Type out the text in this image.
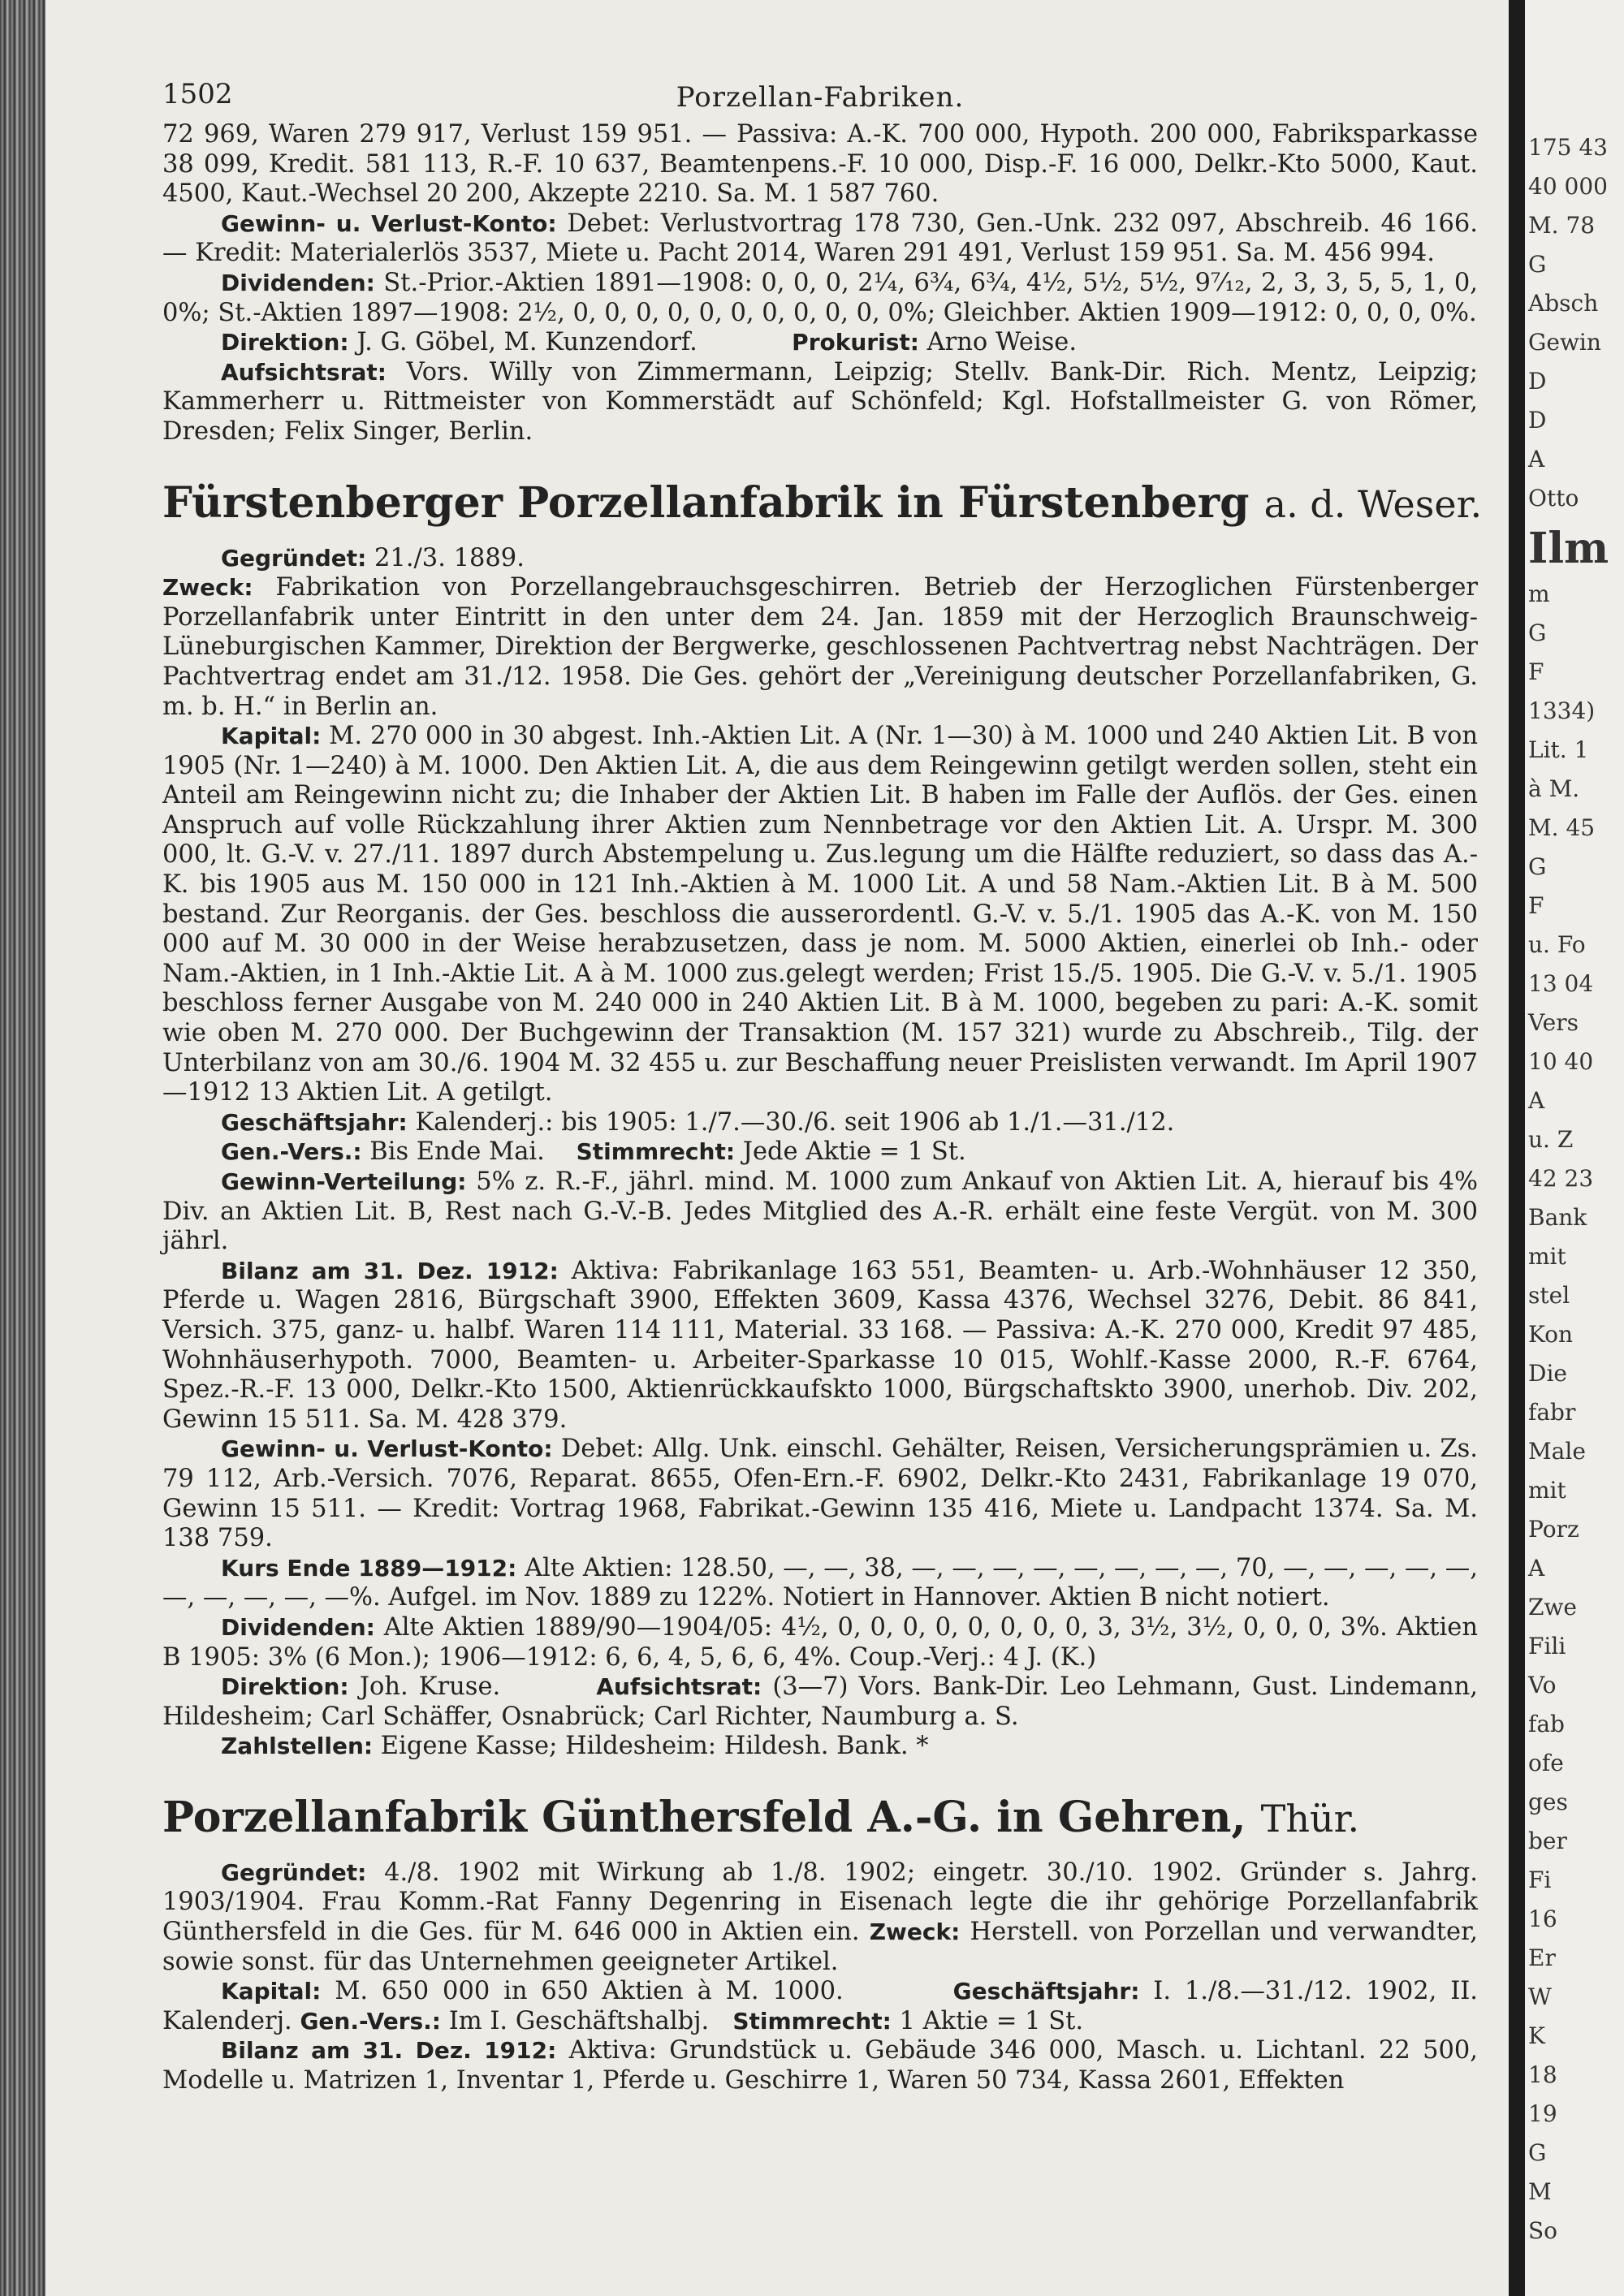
1502	Porzellan-Fabriken.

72 969, Waren 279 917, Verlust 159 951. — Passiva: A.-K. 700 000, Hypoth. 200 000, Fabriksparkasse 38 099, Kredit. 581 113, R.-F. 10 637, Beamtenpens.-F. 10 000, Disp.-F. 16 000, Delkr.-Kto 5000, Kaut. 4500, Kaut.-Wechsel 20 200, Akzepte 2210. Sa. M. 1 587 760.

Gewinn- u. Verlust-Konto: Debet: Verlustvortrag 178 730, Gen.-Unk. 232 097, Abschreib. 46 166. — Kredit: Materialerlös 3537, Miete u. Pacht 2014, Waren 291 491, Verlust 159 951. Sa. M. 456 994.

Dividenden: St.-Prior.-Aktien 1891—1908: 0, 0, 0, 2¼, 6¾, 6¾, 4½, 5½, 5½, 9⁷⁄₁₂, 2, 3, 3, 5, 5, 1, 0, 0%; St.-Aktien 1897—1908: 2½, 0, 0, 0, 0, 0, 0, 0, 0, 0, 0, 0%; Gleichber. Aktien 1909—1912: 0, 0, 0, 0%.

Direktion: J. G. Göbel, M. Kunzendorf.	Prokurist: Arno Weise.

Aufsichtsrat: Vors. Willy von Zimmermann, Leipzig; Stellv. Bank-Dir. Rich. Mentz, Leipzig; Kammerherr u. Rittmeister von Kommerstädt auf Schönfeld; Kgl. Hofstallmeister G. von Römer, Dresden; Felix Singer, Berlin.

Fürstenberger Porzellanfabrik in Fürstenberg a. d. Weser.

Gegründet: 21./3. 1889.

Zweck: Fabrikation von Porzellangebrauchsgeschirren. Betrieb der Herzoglichen Fürstenberger Porzellanfabrik unter Eintritt in den unter dem 24. Jan. 1859 mit der Herzoglich Braunschweig-Lüneburgischen Kammer, Direktion der Bergwerke, geschlossenen Pachtvertrag nebst Nachträgen. Der Pachtvertrag endet am 31./12. 1958. Die Ges. gehört der „Vereinigung deutscher Porzellanfabriken, G. m. b. H.“ in Berlin an.

Kapital: M. 270 000 in 30 abgest. Inh.-Aktien Lit. A (Nr. 1—30) à M. 1000 und 240 Aktien Lit. B von 1905 (Nr. 1—240) à M. 1000. Den Aktien Lit. A, die aus dem Reingewinn getilgt werden sollen, steht ein Anteil am Reingewinn nicht zu; die Inhaber der Aktien Lit. B haben im Falle der Auflös. der Ges. einen Anspruch auf volle Rückzahlung ihrer Aktien zum Nennbetrage vor den Aktien Lit. A. Urspr. M. 300 000, lt. G.-V. v. 27./11. 1897 durch Abstempelung u. Zus.legung um die Hälfte reduziert, so dass das A.-K. bis 1905 aus M. 150 000 in 121 Inh.-Aktien à M. 1000 Lit. A und 58 Nam.-Aktien Lit. B à M. 500 bestand. Zur Reorganis. der Ges. beschloss die ausserordentl. G.-V. v. 5./1. 1905 das A.-K. von M. 150 000 auf M. 30 000 in der Weise herabzusetzen, dass je nom. M. 5000 Aktien, einerlei ob Inh.- oder Nam.-Aktien, in 1 Inh.-Aktie Lit. A à M. 1000 zus.gelegt werden; Frist 15./5. 1905. Die G.-V. v. 5./1. 1905 beschloss ferner Ausgabe von M. 240 000 in 240 Aktien Lit. B à M. 1000, begeben zu pari: A.-K. somit wie oben M. 270 000. Der Buchgewinn der Transaktion (M. 157 321) wurde zu Abschreib., Tilg. der Unterbilanz von am 30./6. 1904 M. 32 455 u. zur Beschaffung neuer Preislisten verwandt. Im April 1907—1912 13 Aktien Lit. A getilgt.

Geschäftsjahr: Kalenderj.: bis 1905: 1./7.—30./6. seit 1906 ab 1./1.—31./12.

Gen.-Vers.: Bis Ende Mai. Stimmrecht: Jede Aktie = 1 St.

Gewinn-Verteilung: 5% z. R.-F., jährl. mind. M. 1000 zum Ankauf von Aktien Lit. A, hierauf bis 4% Div. an Aktien Lit. B, Rest nach G.-V.-B. Jedes Mitglied des A.-R. erhält eine feste Vergüt. von M. 300 jährl.

Bilanz am 31. Dez. 1912: Aktiva: Fabrikanlage 163 551, Beamten- u. Arb.-Wohnhäuser 12 350, Pferde u. Wagen 2816, Bürgschaft 3900, Effekten 3609, Kassa 4376, Wechsel 3276, Debit. 86 841, Versich. 375, ganz- u. halbf. Waren 114 111, Material. 33 168. — Passiva: A.-K. 270 000, Kredit 97 485, Wohnhäuserhypoth. 7000, Beamten- u. Arbeiter-Sparkasse 10 015, Wohlf.-Kasse 2000, R.-F. 6764, Spez.-R.-F. 13 000, Delkr.-Kto 1500, Aktienrückkaufskto 1000, Bürgschaftskto 3900, unerhob. Div. 202, Gewinn 15 511. Sa. M. 428 379.

Gewinn- u. Verlust-Konto: Debet: Allg. Unk. einschl. Gehälter, Reisen, Versicherungsprämien u. Zs. 79 112, Arb.-Versich. 7076, Reparat. 8655, Ofen-Ern.-F. 6902, Delkr.-Kto 2431, Fabrikanlage 19 070, Gewinn 15 511. — Kredit: Vortrag 1968, Fabrikat.-Gewinn 135 416, Miete u. Landpacht 1374. Sa. M. 138 759.

Kurs Ende 1889—1912: Alte Aktien: 128.50, —, —, 38, —, —, —, —, —, —, —, —, 70, —, —, —, —, —, —, —, —, —, —%. Aufgel. im Nov. 1889 zu 122%. Notiert in Hannover. Aktien B nicht notiert.

Dividenden: Alte Aktien 1889/90—1904/05: 4½, 0, 0, 0, 0, 0, 0, 0, 0, 3, 3½, 3½, 0, 0, 0, 3%. Aktien B 1905: 3% (6 Mon.); 1906—1912: 6, 6, 4, 5, 6, 6, 4%. Coup.-Verj.: 4 J. (K.)

Direktion: Joh. Kruse.	Aufsichtsrat: (3—7) Vors. Bank-Dir. Leo Lehmann, Gust. Lindemann, Hildesheim; Carl Schäffer, Osnabrück; Carl Richter, Naumburg a. S.

Zahlstellen: Eigene Kasse; Hildesheim: Hildesh. Bank. *

Porzellanfabrik Günthersfeld A.-G. in Gehren, Thür.

Gegründet: 4./8. 1902 mit Wirkung ab 1./8. 1902; eingetr. 30./10. 1902. Gründer s. Jahrg. 1903/1904. Frau Komm.-Rat Fanny Degenring in Eisenach legte die ihr gehörige Porzellanfabrik Günthersfeld in die Ges. für M. 646 000 in Aktien ein. Zweck: Herstell. von Porzellan und verwandter, sowie sonst. für das Unternehmen geeigneter Artikel.

Kapital: M. 650 000 in 650 Aktien à M. 1000.	Geschäftsjahr: I. 1./8.—31./12. 1902, II. Kalenderj. Gen.-Vers.: Im I. Geschäftshalbj. Stimmrecht: 1 Aktie = 1 St.

Bilanz am 31. Dez. 1912: Aktiva: Grundstück u. Gebäude 346 000, Masch. u. Lichtanl. 22 500, Modelle u. Matrizen 1, Inventar 1, Pferde u. Geschirre 1, Waren 50 734, Kassa 2601, Effekten

175 43
40 000
M. 78
G
Absch
Gewin
D
D
A
Otto
Ilm
m
G
F
1334)
Lit. 1
à M.
M. 45
G
F
u. Fo
13 04
Vers
10 40
A
u. Z
42 23
Bank
mit
stel
Kon
Die
fabr
Male
mit
Porz
A
Zwe
Fili
Vo
fab
ofe
ges
ber
Fi
16
Er
W
K
18
19
G
M
So
